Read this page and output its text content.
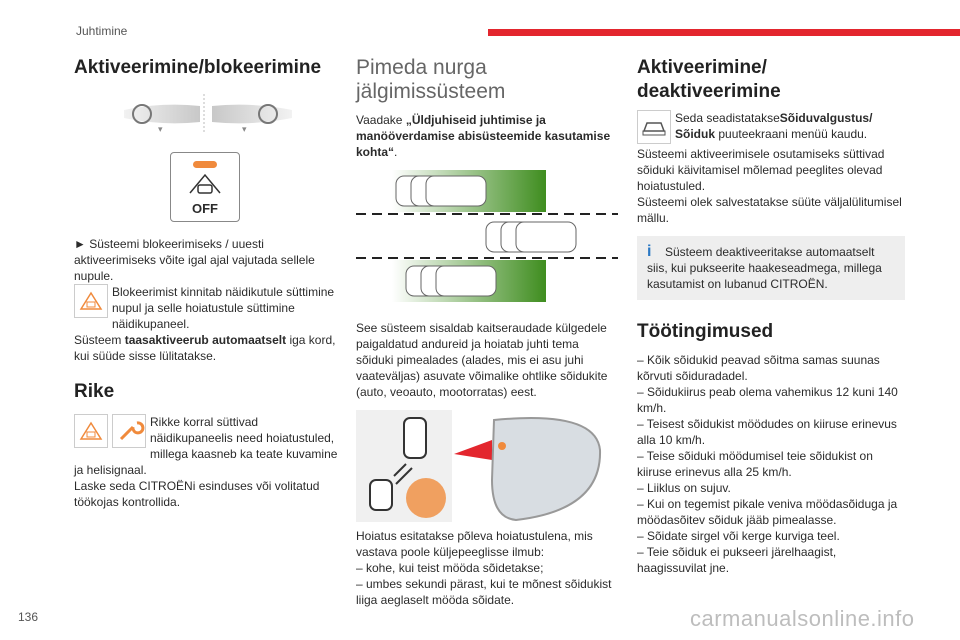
Juhtimine
Aktiveerimine/blokeerimine
▾	▾
OFF

► Süsteemi blokeerimiseks / uuesti aktiveerimiseks võite igal ajal vajutada sellele nupule.

Blokeerimist kinnitab näidikutule süttimine nupul ja selle hoiatustule süttimine näidikupaneel.

Süsteem taasaktiveerub automaatselt iga kord, kui süüde sisse lülitatakse.

Rike

Rikke korral süttivad näidikupaneelis need hoiatustuled, millega kaasneb ka teate kuvamine ja helisignaal.

Laske seda CITROËNi esinduses või volitatud töökojas kontrollida.

Pimeda nurga jälgimissüsteem

Vaadake „Üldjuhiseid juhtimise ja manööverdamise abisüsteemide kasutamise kohta“.

See süsteem sisaldab kaitseraudade külgedele paigaldatud andureid ja hoiatab juhti tema sõiduki pimealades (alades, mis ei asu juhi vaateväljas) asuvate võimalike ohtlike sõidukite (auto, veoauto, mootorratas) eest.

Hoiatus esitatakse põleva hoiatustulena, mis vastava poole küljepeeglisse ilmub:

– kohe, kui teist mööda sõidetakse;

– umbes sekundi pärast, kui te mõnest sõidukist liiga aeglaselt mööda sõidate.

Aktiveerimine/ deaktiveerimine

Seda seadistatakseSõiduvalgustus/ Sõiduk puuteekraani menüü kaudu.

Süsteemi aktiveerimisele osutamiseks süttivad sõiduki käivitamisel mõlemad peeglites olevad hoiatustuled.

Süsteemi olek salvestatakse süüte väljalülitumisel mällu.

i	Süsteem deaktiveeritakse automaatselt siis, kui pukseerite haakeseadmega, millega kasutamist on lubanud CITROËN.

Töötingimused

– Kõik sõidukid peavad sõitma samas suunas kõrvuti sõiduradadel.

– Sõidukiirus peab olema vahemikus 12 kuni 140 km/h.

– Teisest sõidukist möödudes on kiiruse erinevus alla 10 km/h.

– Teise sõiduki möödumisel teie sõidukist on kiiruse erinevus alla 25 km/h.

– Liiklus on sujuv.

– Kui on tegemist pikale veniva möödasõiduga ja möödasõitev sõiduk jääb pimealasse.

– Sõidate sirgel või kerge kurviga teel.

– Teie sõiduk ei pukseeri järelhaagist, haagissuvilat jne.

136	carmanualsonline.info
